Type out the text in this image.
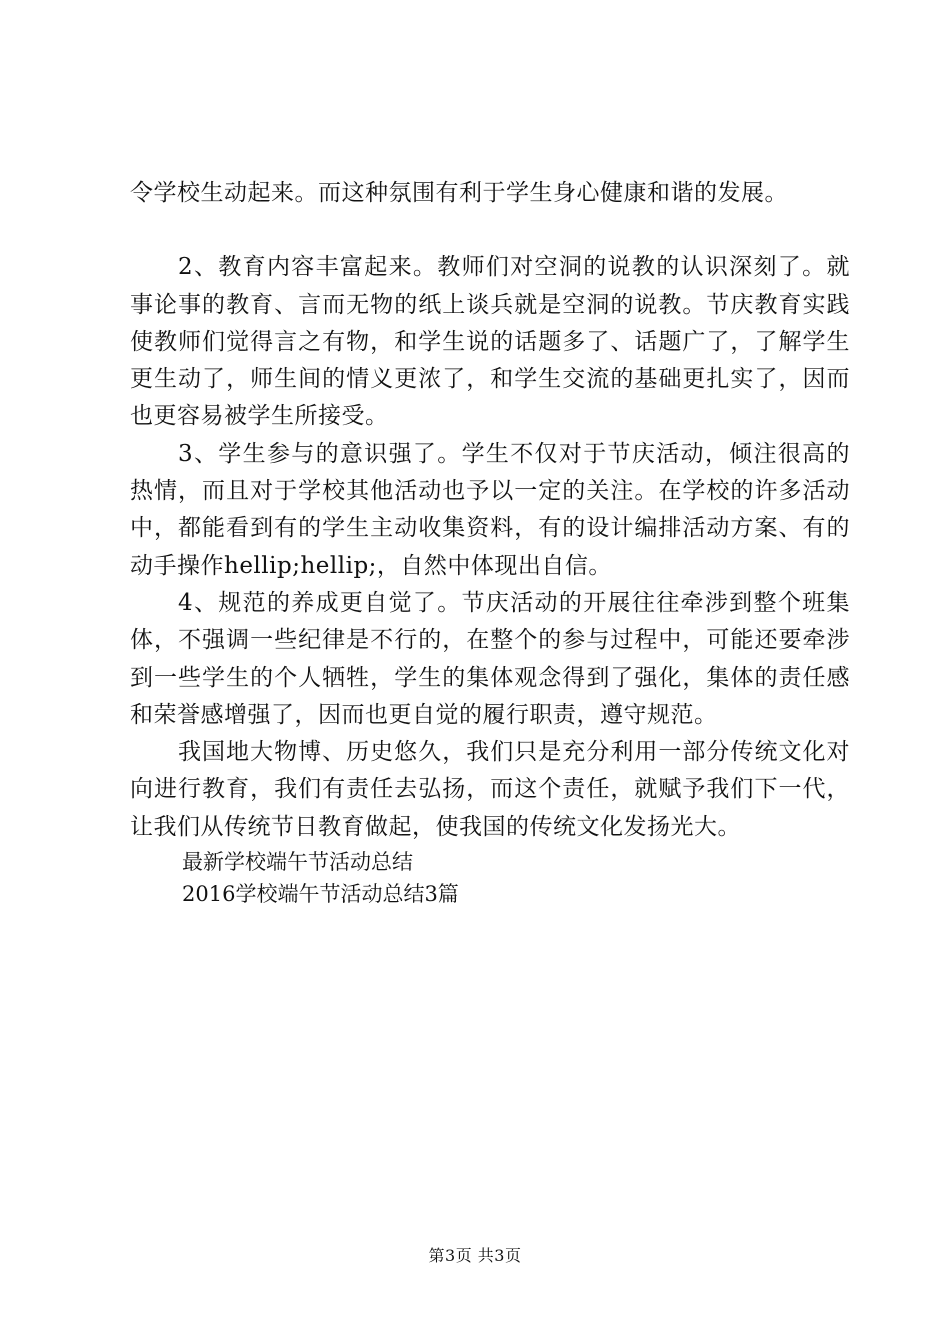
令学校生动起来。而这种氛围有利于学生身心健康和谐的发展。

2、教育内容丰富起来。教师们对空洞的说教的认识深刻了。就事论事的教育、言而无物的纸上谈兵就是空洞的说教。节庆教育实践使教师们觉得言之有物，和学生说的话题多了、话题广了，了解学生更生动了，师生间的情义更浓了，和学生交流的基础更扎实了，因而也更容易被学生所接受。

3、学生参与的意识强了。学生不仅对于节庆活动，倾注很高的热情，而且对于学校其他活动也予以一定的关注。在学校的许多活动中，都能看到有的学生主动收集资料，有的设计编排活动方案、有的动手操作hellip;hellip;，自然中体现出自信。

4、规范的养成更自觉了。节庆活动的开展往往牵涉到整个班集体，不强调一些纪律是不行的，在整个的参与过程中，可能还要牵涉到一些学生的个人牺牲，学生的集体观念得到了强化，集体的责任感和荣誉感增强了，因而也更自觉的履行职责，遵守规范。

我国地大物博、历史悠久，我们只是充分利用一部分传统文化对向进行教育，我们有责任去弘扬，而这个责任，就赋予我们下一代，让我们从传统节日教育做起，使我国的传统文化发扬光大。

最新学校端午节活动总结

2016学校端午节活动总结3篇

第3页 共3页
